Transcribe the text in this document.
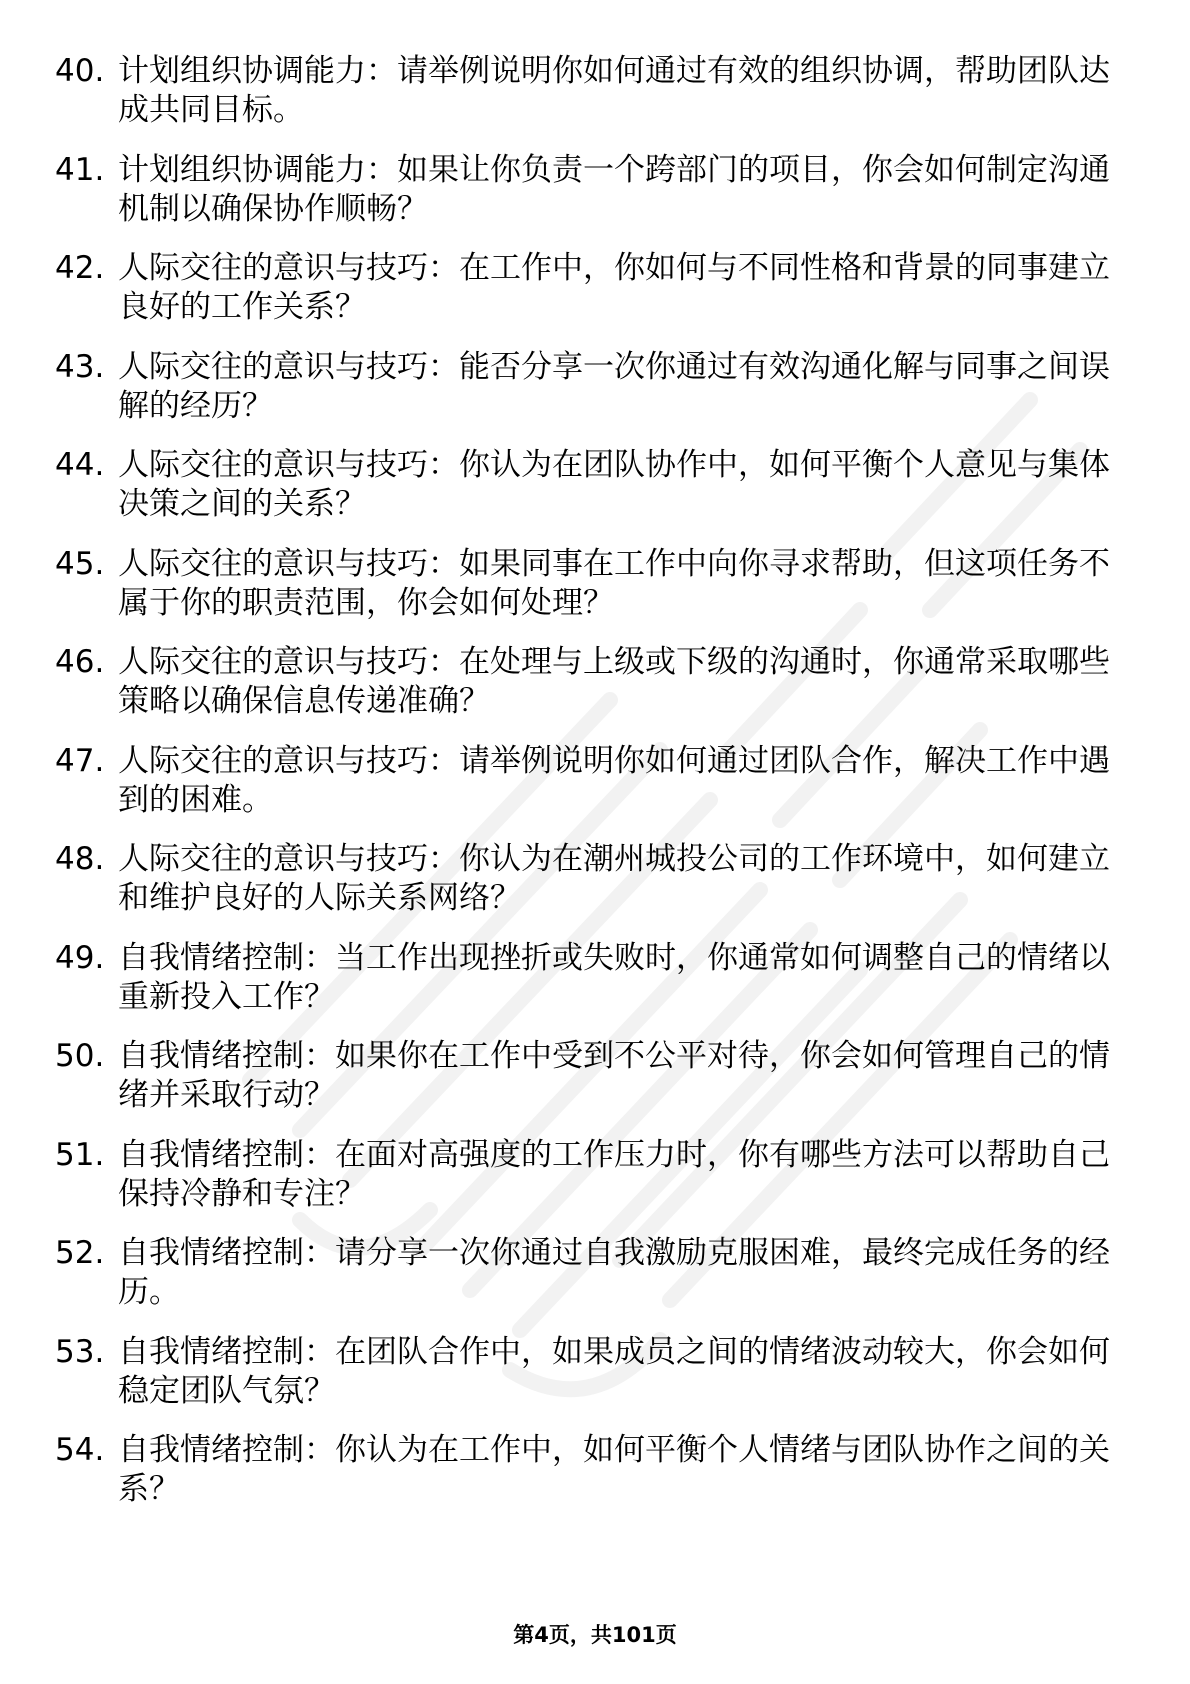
40. 计划组织协调能力：请举例说明你如何通过有效的组织协调，帮助团队达成共同目标。
41. 计划组织协调能力：如果让你负责一个跨部门的项目，你会如何制定沟通机制以确保协作顺畅？
42. 人际交往的意识与技巧：在工作中，你如何与不同性格和背景的同事建立良好的工作关系？
43. 人际交往的意识与技巧：能否分享一次你通过有效沟通化解与同事之间误解的经历？
44. 人际交往的意识与技巧：你认为在团队协作中，如何平衡个人意见与集体决策之间的关系？
45. 人际交往的意识与技巧：如果同事在工作中向你寻求帮助，但这项任务不属于你的职责范围，你会如何处理？
46. 人际交往的意识与技巧：在处理与上级或下级的沟通时，你通常采取哪些策略以确保信息传递准确？
47. 人际交往的意识与技巧：请举例说明你如何通过团队合作，解决工作中遇到的困难。
48. 人际交往的意识与技巧：你认为在潮州城投公司的工作环境中，如何建立和维护良好的人际关系网络？
49. 自我情绪控制：当工作出现挫折或失败时，你通常如何调整自己的情绪以重新投入工作？
50. 自我情绪控制：如果你在工作中受到不公平对待，你会如何管理自己的情绪并采取行动？
51. 自我情绪控制：在面对高强度的工作压力时，你有哪些方法可以帮助自己保持冷静和专注？
52. 自我情绪控制：请分享一次你通过自我激励克服困难，最终完成任务的经历。
53. 自我情绪控制：在团队合作中，如果成员之间的情绪波动较大，你会如何稳定团队气氛？
54. 自我情绪控制：你认为在工作中，如何平衡个人情绪与团队协作之间的关系？
第4页，共101页
